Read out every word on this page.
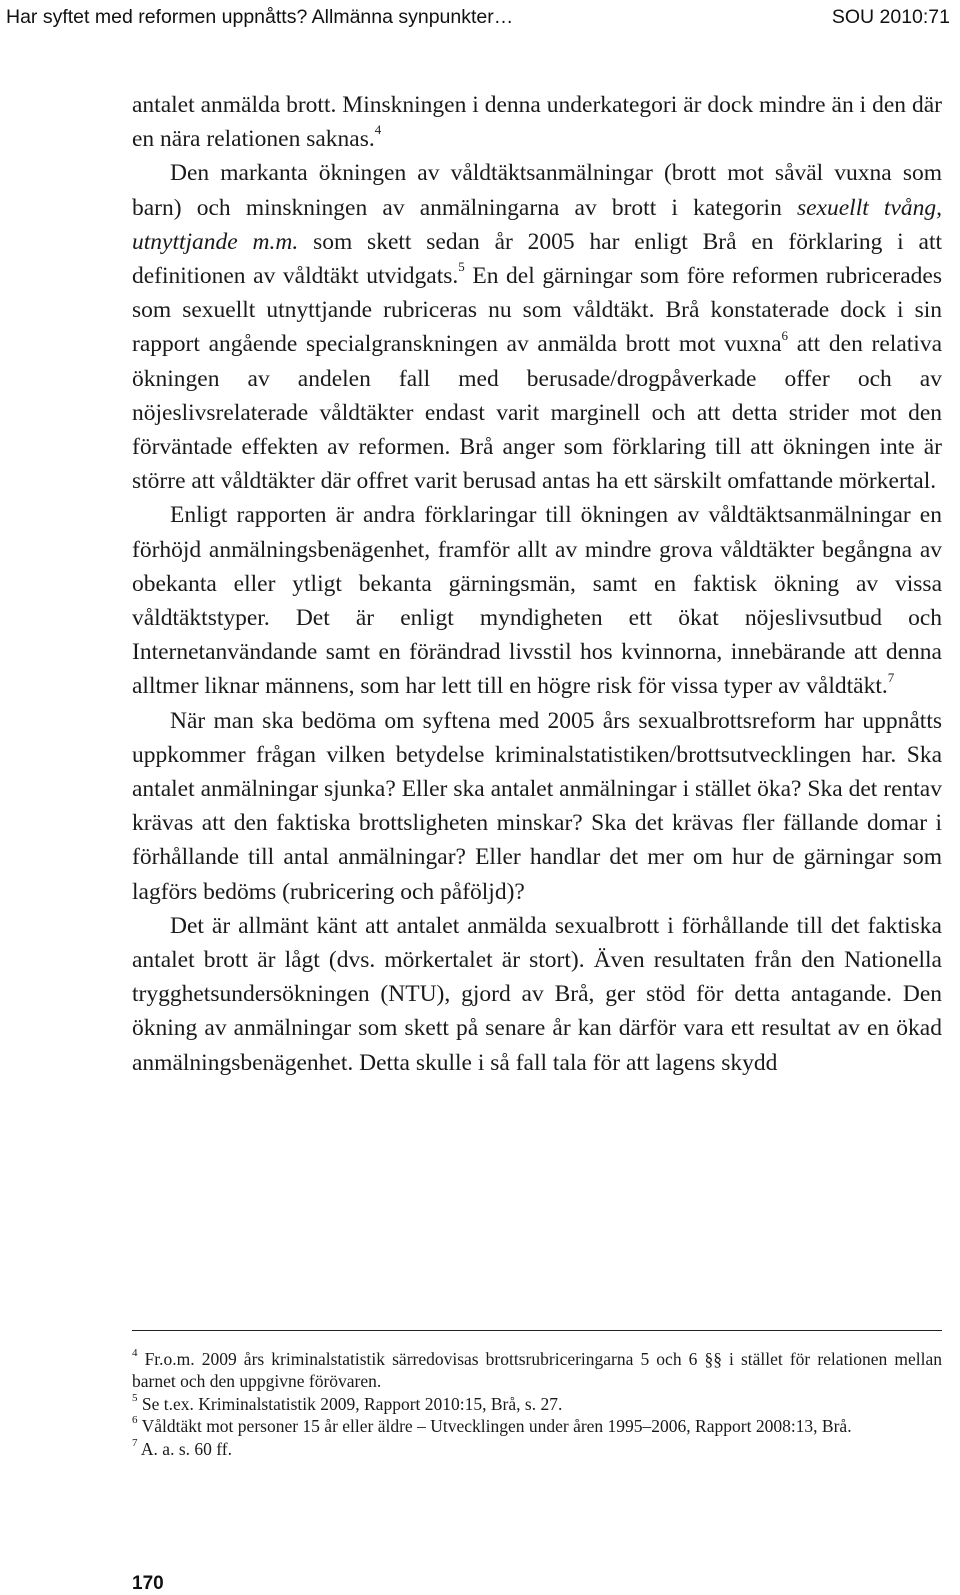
Har syftet med reformen uppnåtts? Allmänna synpunkter…	SOU 2010:71

antalet anmälda brott. Minskningen i denna underkategori är dock mindre än i den där en nära relationen saknas.$^4$

Den markanta ökningen av våldtäktsanmälningar (brott mot såväl vuxna som barn) och minskningen av anmälningarna av brott i kategorin sexuellt tvång, utnyttjande m.m. som skett sedan år 2005 har enligt Brå en förklaring i att definitionen av våldtäkt utvidgats.$^5$ En del gärningar som före reformen rubricerades som sexuellt utnyttjande rubriceras nu som våldtäkt. Brå konstaterade dock i sin rapport angående specialgranskningen av anmälda brott mot vuxna$^6$ att den relativa ökningen av andelen fall med berusade/drogpåverkade offer och av nöjeslivsrelaterade våldtäkter endast varit marginell och att detta strider mot den förväntade effekten av reformen. Brå anger som förklaring till att ökningen inte är större att våldtäkter där offret varit berusad antas ha ett särskilt omfattande mörkertal.

Enligt rapporten är andra förklaringar till ökningen av våldtäktsanmälningar en förhöjd anmälningsbenägenhet, framför allt av mindre grova våldtäkter begångna av obekanta eller ytligt bekanta gärningsmän, samt en faktisk ökning av vissa våldtäktstyper. Det är enligt myndigheten ett ökat nöjeslivsutbud och Internetanvändande samt en förändrad livsstil hos kvinnorna, innebärande att denna alltmer liknar männens, som har lett till en högre risk för vissa typer av våldtäkt.$^7$

När man ska bedöma om syftena med 2005 års sexualbrottsreform har uppnåtts uppkommer frågan vilken betydelse kriminalstatistiken/brottsutvecklingen har. Ska antalet anmälningar sjunka? Eller ska antalet anmälningar i stället öka? Ska det rentav krävas att den faktiska brottsligheten minskar? Ska det krävas fler fällande domar i förhållande till antal anmälningar? Eller handlar det mer om hur de gärningar som lagförs bedöms (rubricering och påföljd)?

Det är allmänt känt att antalet anmälda sexualbrott i förhållande till det faktiska antalet brott är lågt (dvs. mörkertalet är stort). Även resultaten från den Nationella trygghetsundersökningen (NTU), gjord av Brå, ger stöd för detta antagande. Den ökning av anmälningar som skett på senare år kan därför vara ett resultat av en ökad anmälningsbenägenhet. Detta skulle i så fall tala för att lagens skydd

$^4$ Fr.o.m. 2009 års kriminalstatistik särredovisas brottsrubriceringarna 5 och 6 §§ i stället för relationen mellan barnet och den uppgivne förövaren.

$^5$ Se t.ex. Kriminalstatistik 2009, Rapport 2010:15, Brå, s. 27.

$^6$ Våldtäkt mot personer 15 år eller äldre – Utvecklingen under åren 1995–2006, Rapport 2008:13, Brå.

$^7$ A. a. s. 60 ff.

170
